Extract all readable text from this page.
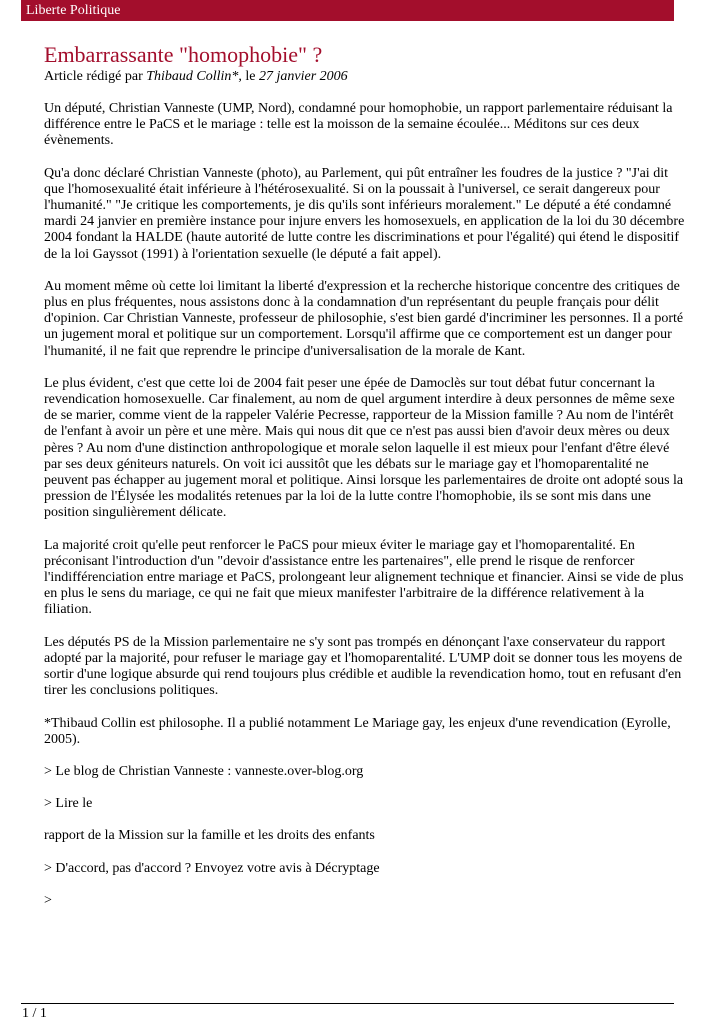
Liberte Politique
Embarrassante "homophobie" ?
Article rédigé par Thibaud Collin*, le 27 janvier 2006

Un député, Christian Vanneste (UMP, Nord), condamné pour homophobie, un rapport parlementaire réduisant la différence entre le PaCS et le mariage : telle est la moisson de la semaine écoulée... Méditons sur ces deux évènements.

Qu'a donc déclaré Christian Vanneste (photo), au Parlement, qui pût entraîner les foudres de la justice ? "J'ai dit que l'homosexualité était inférieure à l'hétérosexualité. Si on la poussait à l'universel, ce serait dangereux pour l'humanité." "Je critique les comportements, je dis qu'ils sont inférieurs moralement." Le député a été condamné mardi 24 janvier en première instance pour injure envers les homosexuels, en application de la loi du 30 décembre 2004 fondant la HALDE (haute autorité de lutte contre les discriminations et pour l'égalité) qui étend le dispositif de la loi Gayssot (1991) à l'orientation sexuelle (le député a fait appel).

Au moment même où cette loi limitant la liberté d'expression et la recherche historique concentre des critiques de plus en plus fréquentes, nous assistons donc à la condamnation d'un représentant du peuple français pour délit d'opinion. Car Christian Vanneste, professeur de philosophie, s'est bien gardé d'incriminer les personnes. Il a porté un jugement moral et politique sur un comportement. Lorsqu'il affirme que ce comportement est un danger pour l'humanité, il ne fait que reprendre le principe d'universalisation de la morale de Kant.

Le plus évident, c'est que cette loi de 2004 fait peser une épée de Damoclès sur tout débat futur concernant la revendication homosexuelle. Car finalement, au nom de quel argument interdire à deux personnes de même sexe de se marier, comme vient de la rappeler Valérie Pecresse, rapporteur de la Mission famille ? Au nom de l'intérêt de l'enfant à avoir un père et une mère. Mais qui nous dit que ce n'est pas aussi bien d'avoir deux mères ou deux pères ? Au nom d'une distinction anthropologique et morale selon laquelle il est mieux pour l'enfant d'être élevé par ses deux géniteurs naturels. On voit ici aussitôt que les débats sur le mariage gay et l'homoparentalité ne peuvent pas échapper au jugement moral et politique. Ainsi lorsque les parlementaires de droite ont adopté sous la pression de l'Élysée les modalités retenues par la loi de la lutte contre l'homophobie, ils se sont mis dans une position singulièrement délicate.

La majorité croit qu'elle peut renforcer le PaCS pour mieux éviter le mariage gay et l'homoparentalité. En préconisant l'introduction d'un "devoir d'assistance entre les partenaires", elle prend le risque de renforcer l'indifférenciation entre mariage et PaCS, prolongeant leur alignement technique et financier. Ainsi se vide de plus en plus le sens du mariage, ce qui ne fait que mieux manifester l'arbitraire de la différence relativement à la filiation.

Les députés PS de la Mission parlementaire ne s'y sont pas trompés en dénonçant l'axe conservateur du rapport adopté par la majorité, pour refuser le mariage gay et l'homoparentalité. L'UMP doit se donner tous les moyens de sortir d'une logique absurde qui rend toujours plus crédible et audible la revendication homo, tout en refusant d'en tirer les conclusions politiques.

*Thibaud Collin est philosophe. Il a publié notamment Le Mariage gay, les enjeux d'une revendication (Eyrolle, 2005).

> Le blog de Christian Vanneste : vanneste.over-blog.org

> Lire le

rapport de la Mission sur la famille et les droits des enfants

> D'accord, pas d'accord ? Envoyez votre avis à Décryptage

>

1 / 1
